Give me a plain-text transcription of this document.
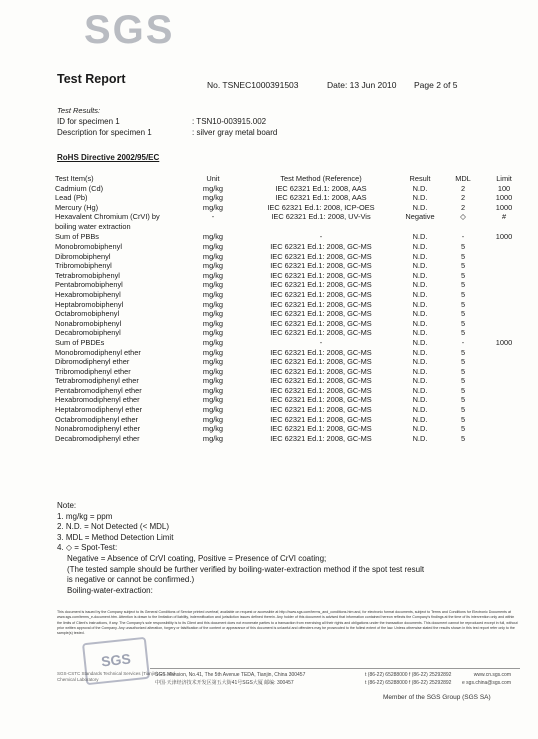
SGS
Test Report	No. TSNEC1000391503	Date: 13 Jun 2010 Page 2 of 5
Test Results:
ID for specimen 1	: TSN10-003915.002
Description for specimen 1	: silver gray metal board
RoHS Directive 2002/95/EC
Test Item(s)	Unit	Test Method (Reference)	Result	MDL	Limit
Cadmium (Cd)	mg/kg	IEC 62321 Ed.1: 2008, AAS	N.D.	2	100
Lead (Pb)	mg/kg	IEC 62321 Ed.1: 2008, AAS	N.D.	2	1000
Mercury (Hg)	mg/kg	IEC 62321 Ed.1: 2008, ICP-OES	N.D.	2	1000
Hexavalent Chromium (CrVI) by
boiling water extraction	-	IEC 62321 Ed.1: 2008, UV-Vis	Negative	◇	#
Sum of PBBs	mg/kg	-	N.D.	-	1000
Monobromobiphenyl	mg/kg	IEC 62321 Ed.1: 2008, GC-MS	N.D.	5	
Dibromobiphenyl	mg/kg	IEC 62321 Ed.1: 2008, GC-MS	N.D.	5	
Tribromobiphenyl	mg/kg	IEC 62321 Ed.1: 2008, GC-MS	N.D.	5	
Tetrabromobiphenyl	mg/kg	IEC 62321 Ed.1: 2008, GC-MS	N.D.	5	
Pentabromobiphenyl	mg/kg	IEC 62321 Ed.1: 2008, GC-MS	N.D.	5	
Hexabromobiphenyl	mg/kg	IEC 62321 Ed.1: 2008, GC-MS	N.D.	5	
Heptabromobiphenyl	mg/kg	IEC 62321 Ed.1: 2008, GC-MS	N.D.	5	
Octabromobiphenyl	mg/kg	IEC 62321 Ed.1: 2008, GC-MS	N.D.	5	
Nonabromobiphenyl	mg/kg	IEC 62321 Ed.1: 2008, GC-MS	N.D.	5	
Decabromobiphenyl	mg/kg	IEC 62321 Ed.1: 2008, GC-MS	N.D.	5	
Sum of PBDEs	mg/kg	-	N.D.	-	1000
Monobromodiphenyl ether	mg/kg	IEC 62321 Ed.1: 2008, GC-MS	N.D.	5	
Dibromodiphenyl ether	mg/kg	IEC 62321 Ed.1: 2008, GC-MS	N.D.	5	
Tribromodiphenyl ether	mg/kg	IEC 62321 Ed.1: 2008, GC-MS	N.D.	5	
Tetrabromodiphenyl ether	mg/kg	IEC 62321 Ed.1: 2008, GC-MS	N.D.	5	
Pentabromodiphenyl ether	mg/kg	IEC 62321 Ed.1: 2008, GC-MS	N.D.	5	
Hexabromodiphenyl ether	mg/kg	IEC 62321 Ed.1: 2008, GC-MS	N.D.	5	
Heptabromodiphenyl ether	mg/kg	IEC 62321 Ed.1: 2008, GC-MS	N.D.	5	
Octabromodiphenyl ether	mg/kg	IEC 62321 Ed.1: 2008, GC-MS	N.D.	5	
Nonabromodiphenyl ether	mg/kg	IEC 62321 Ed.1: 2008, GC-MS	N.D.	5	
Decabromodiphenyl ether	mg/kg	IEC 62321 Ed.1: 2008, GC-MS	N.D.	5	
Note:
1. mg/kg = ppm
2. N.D. = Not Detected (< MDL)
3. MDL = Method Detection Limit
4. ◇ = Spot-Test:
Negative = Absence of CrVI coating, Positive = Presence of CrVI coating;
(The tested sample should be further verified by boiling-water-extraction method if the spot test result
is negative or cannot be confirmed.)
Boiling-water-extraction:
This document is issued by the Company subject to its General Conditions of Service printed overleaf, available on request or accessible at http://www.sgs.com/terms_and_conditions.htm and, for electronic format documents, subject to Terms and Conditions for Electronic Documents at www.sgs.com/terms_e-document.htm. Attention is drawn to the limitation of liability, indemnification and jurisdiction issues defined therein. Any holder of this document is advised that information contained hereon reflects the Company's findings at the time of its intervention only and within the limits of Client's instructions, if any. The Company's sole responsibility is to its Client and this document does not exonerate parties to a transaction from exercising all their rights and obligations under the transaction documents. This document cannot be reproduced except in full, without prior written approval of the Company. Any unauthorized alteration, forgery or falsification of the content or appearance of this document is unlawful and offenders may be prosecuted to the fullest extent of the law. Unless otherwise stated the results shown in this test report refer only to the sample(s) tested.
SGS
SGS-CSTC Standards Technical Services (Tianjin) Co., Ltd.
Chemical Laboratory
SGS Mansion, No.41, The 5th Avenue TEDA, Tianjin, China 300457
中国·天津经济技术开发区第五大街41号SGS大厦 邮编: 300457
t (86-22) 65288000 f (86-22) 25292892
t (86-22) 65288000 f (86-22) 25292892
www.cn.sgs.com
e sgs.china@sgs.com
Member of the SGS Group (SGS SA)
